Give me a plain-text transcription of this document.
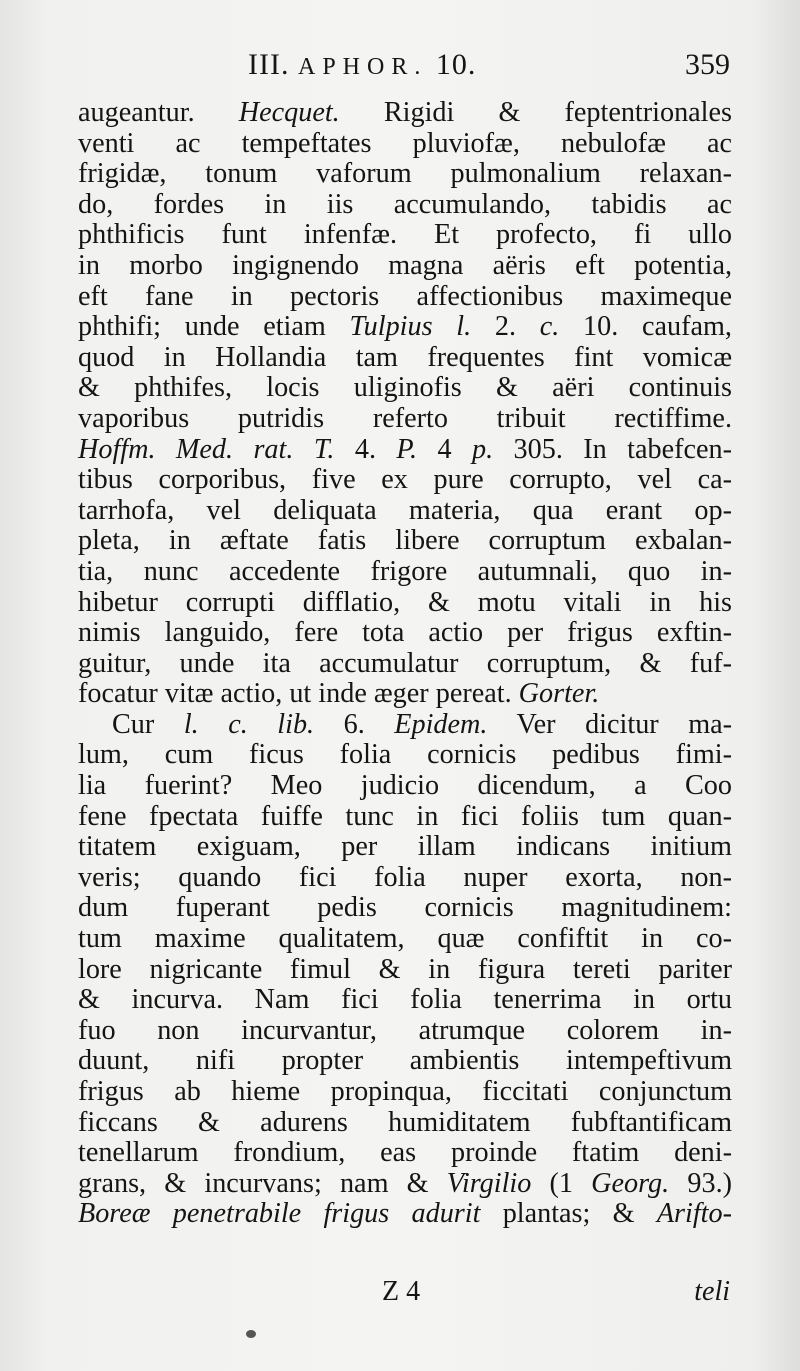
III. APHOR. 10.	359
augeantur. Hecquet. Rigidi & feptentrionales
venti ac tempeftates pluviofæ, nebulofæ ac
frigidæ, tonum vaforum pulmonalium relaxan-
do, fordes in iis accumulando, tabidis ac
phthificis funt infenfæ. Et profecto, fi ullo
in morbo ingignendo magna aëris eft potentia,
eft fane in pectoris affectionibus maximeque
phthifi; unde etiam Tulpius l. 2. c. 10. caufam,
quod in Hollandia tam frequentes fint vomicæ
& phthifes, locis uliginofis & aëri continuis
vaporibus putridis referto tribuit rectiffime.
Hoffm. Med. rat. T. 4. P. 4 p. 305. In tabefcen-
tibus corporibus, five ex pure corrupto, vel ca-
tarrhofa, vel deliquata materia, qua erant op-
pleta, in æftate fatis libere corruptum exbalan-
tia, nunc accedente frigore autumnali, quo in-
hibetur corrupti difflatio, & motu vitali in his
nimis languido, fere tota actio per frigus exftin-
guitur, unde ita accumulatur corruptum, & fuf-
focatur vitæ actio, ut inde æger pereat. Gorter.
Cur l. c. lib. 6. Epidem. Ver dicitur ma-
lum, cum ficus folia cornicis pedibus fimi-
lia fuerint? Meo judicio dicendum, a Coo
fene fpectata fuiffe tunc in fici foliis tum quan-
titatem exiguam, per illam indicans initium
veris; quando fici folia nuper exorta, non-
dum fuperant pedis cornicis magnitudinem:
tum maxime qualitatem, quæ confiftit in co-
lore nigricante fimul & in figura tereti pariter
& incurva. Nam fici folia tenerrima in ortu
fuo non incurvantur, atrumque colorem in-
duunt, nifi propter ambientis intempeftivum
frigus ab hieme propinqua, ficcitati conjunctum
ficcans & adurens humiditatem fubftantificam
tenellarum frondium, eas proinde ftatim deni-
grans, & incurvans; nam & Virgilio (1 Georg. 93.)
Boreæ penetrabile frigus adurit plantas; & Arifto-
Z 4	teli
